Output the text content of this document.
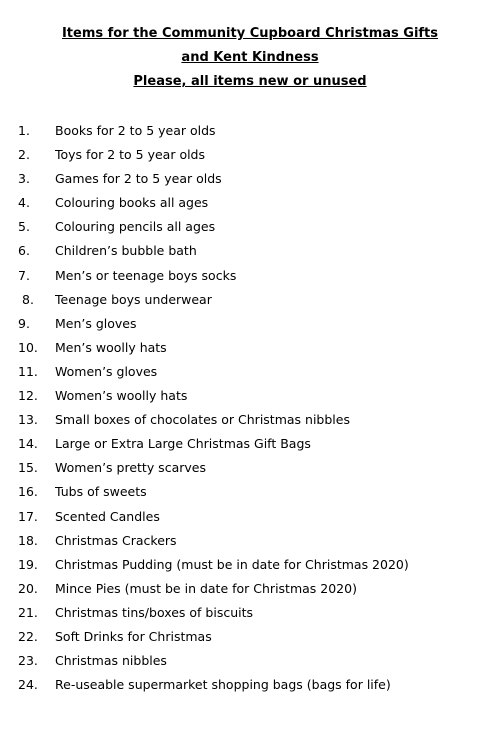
Items for the Community Cupboard Christmas Gifts
and Kent Kindness
Please, all items new or unused
1. Books for 2 to 5 year olds
2. Toys for 2 to 5 year olds
3. Games for 2 to 5 year olds
4. Colouring books all ages
5. Colouring pencils all ages
6. Children’s bubble bath
7. Men’s or teenage boys socks
8. Teenage boys underwear
9. Men’s gloves
10. Men’s woolly hats
11. Women’s gloves
12. Women’s woolly hats
13. Small boxes of chocolates or Christmas nibbles
14. Large or Extra Large Christmas Gift Bags
15. Women’s pretty scarves
16. Tubs of sweets
17. Scented Candles
18. Christmas Crackers
19. Christmas Pudding (must be in date for Christmas 2020)
20. Mince Pies (must be in date for Christmas 2020)
21. Christmas tins/boxes of biscuits
22. Soft Drinks for Christmas
23. Christmas nibbles
24. Re-useable supermarket shopping bags (bags for life)
